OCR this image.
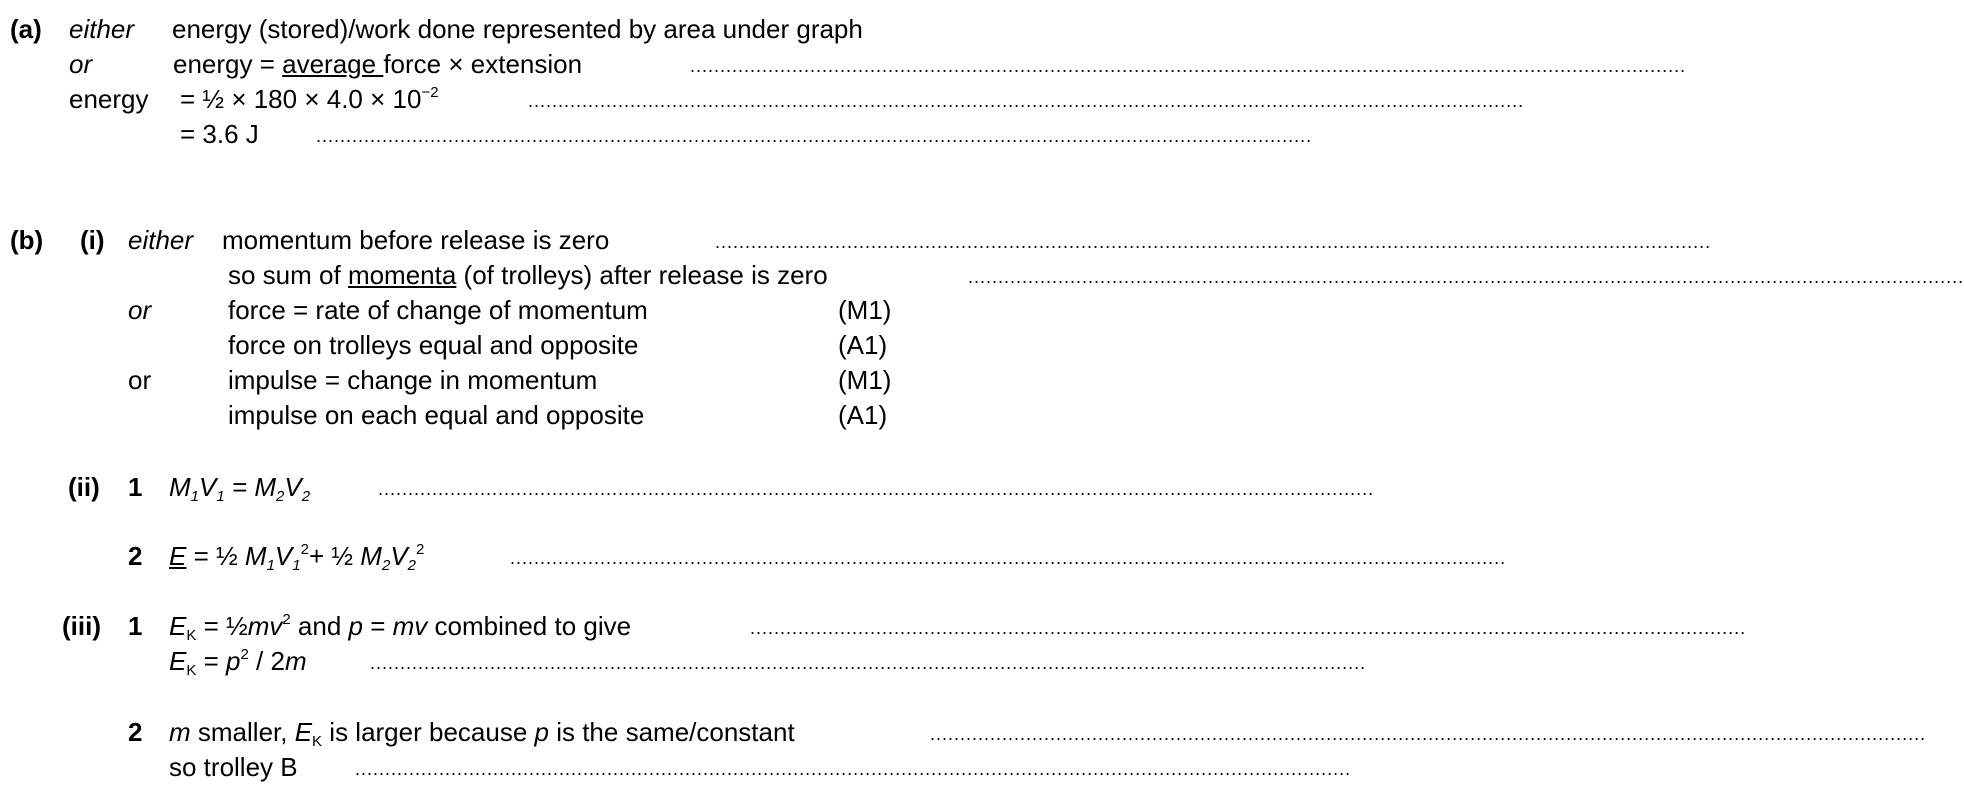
(a) either energy (stored)/work done represented by area under graph
or	energy = average force × extension	......................................................................................................................................................................
energy = ½ × $180 \times 4.0 \times 10^{-2}$	......................................................................................................................................................................
= 3.6 J	......................................................................................................................................................................
(b) (i) either momentum before release is zero	......................................................................................................................................................................
so sum of momenta (of trolleys) after release is zero	......................................................................................................................................................................
or	force = rate of change of momentum	(M1)
force on trolleys equal and opposite	(A1)
or	impulse = change in momentum	(M1)
impulse on each equal and opposite	(A1)
(ii) 1 $M_1V_1 = M_2V_2$	......................................................................................................................................................................
2 E = ½ $M_1V_1^2+$ ½ $M_2V_2^2$	......................................................................................................................................................................
(iii) 1 $E_K$ = $\frac{1}{2}mv^2$ and p = mv combined to give	......................................................................................................................................................................
$E_K = p^2 / 2m$	......................................................................................................................................................................
2 m smaller, $E_K$ is larger because p is the same/constant	......................................................................................................................................................................
so trolley B	......................................................................................................................................................................
